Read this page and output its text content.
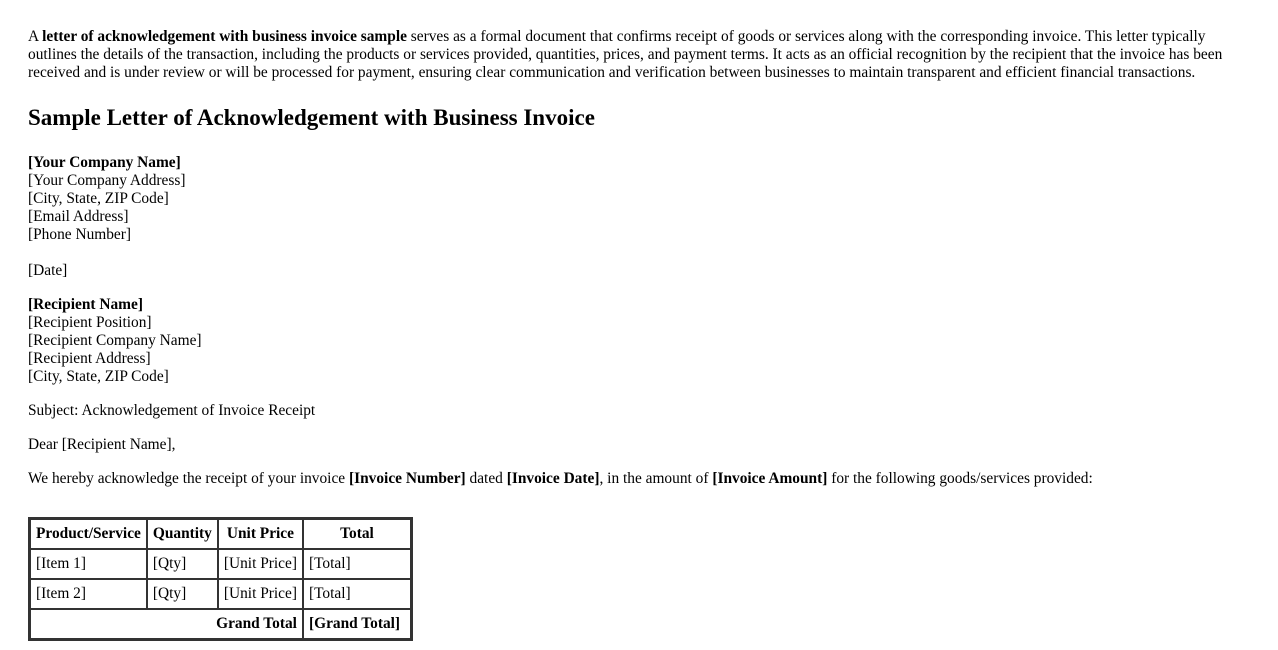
A letter of acknowledgement with business invoice sample serves as a formal document that confirms receipt of goods or services along with the corresponding invoice. This letter typically outlines the details of the transaction, including the products or services provided, quantities, prices, and payment terms. It acts as an official recognition by the recipient that the invoice has been received and is under review or will be processed for payment, ensuring clear communication and verification between businesses to maintain transparent and efficient financial transactions.

Sample Letter of Acknowledgement with Business Invoice
[Your Company Name]
[Your Company Address]
[City, State, ZIP Code]
[Email Address]
[Phone Number]
[Date]
[Recipient Name]
[Recipient Position]
[Recipient Company Name]
[Recipient Address]
[City, State, ZIP Code]
Subject: Acknowledgement of Invoice Receipt
Dear [Recipient Name],
We hereby acknowledge the receipt of your invoice [Invoice Number] dated [Invoice Date], in the amount of [Invoice Amount] for the following goods/services provided:
Product/Service	Quantity	Unit Price	Total
[Item 1]	[Qty]	[Unit Price]	[Total]
[Item 2]	[Qty]	[Unit Price]	[Total]
Grand Total			[Grand Total]
